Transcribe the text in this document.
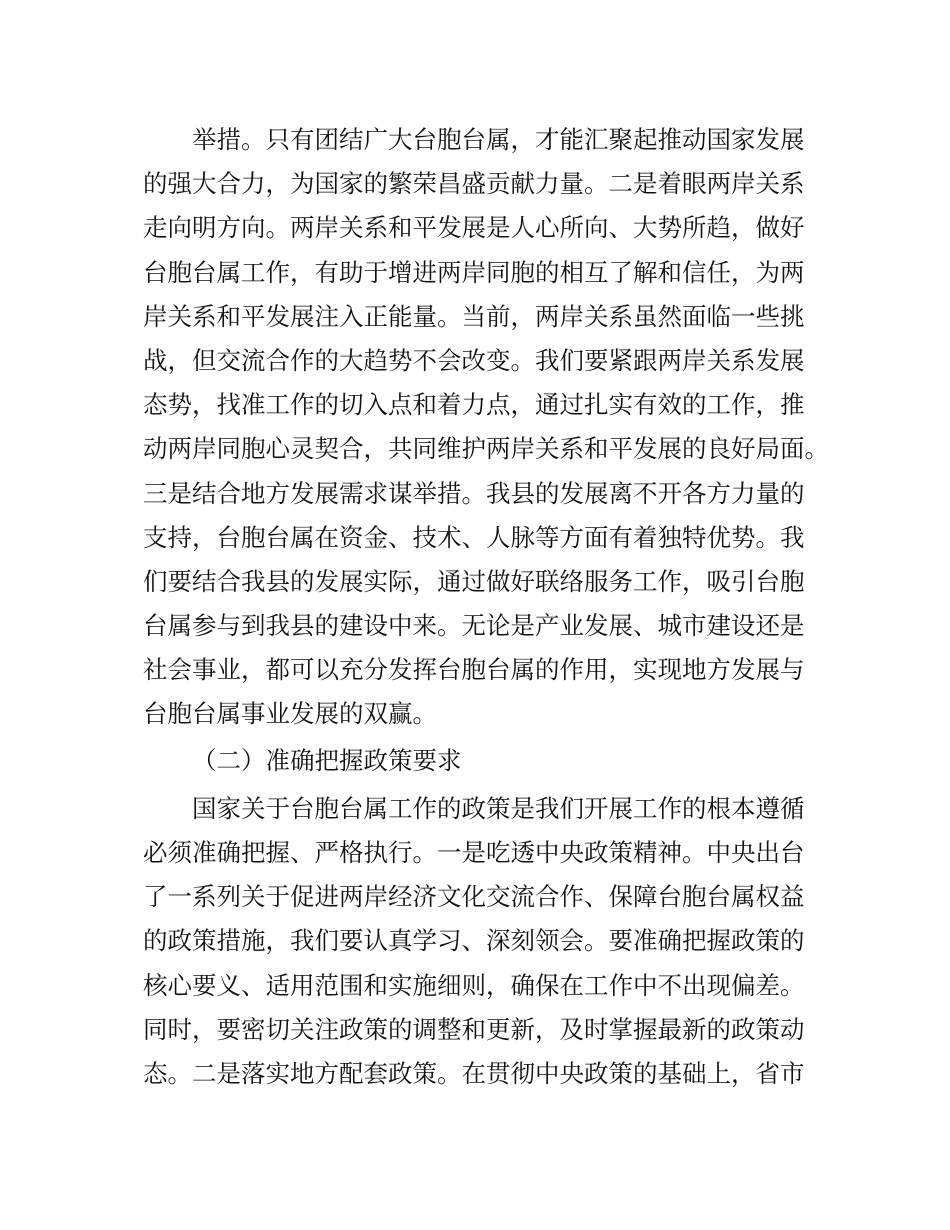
举措。只有团结广大台胞台属，才能汇聚起推动国家发展
的强大合力，为国家的繁荣昌盛贡献力量。二是着眼两岸关系
走向明方向。两岸关系和平发展是人心所向、大势所趋，做好
台胞台属工作，有助于增进两岸同胞的相互了解和信任，为两
岸关系和平发展注入正能量。当前，两岸关系虽然面临一些挑
战，但交流合作的大趋势不会改变。我们要紧跟两岸关系发展
态势，找准工作的切入点和着力点，通过扎实有效的工作，推
动两岸同胞心灵契合，共同维护两岸关系和平发展的良好局面。
三是结合地方发展需求谋举措。我县的发展离不开各方力量的
支持，台胞台属在资金、技术、人脉等方面有着独特优势。我
们要结合我县的发展实际，通过做好联络服务工作，吸引台胞
台属参与到我县的建设中来。无论是产业发展、城市建设还是
社会事业，都可以充分发挥台胞台属的作用，实现地方发展与
台胞台属事业发展的双赢。
（二）准确把握政策要求
国家关于台胞台属工作的政策是我们开展工作的根本遵循
必须准确把握、严格执行。一是吃透中央政策精神。中央出台
了一系列关于促进两岸经济文化交流合作、保障台胞台属权益
的政策措施，我们要认真学习、深刻领会。要准确把握政策的
核心要义、适用范围和实施细则，确保在工作中不出现偏差。
同时，要密切关注政策的调整和更新，及时掌握最新的政策动
态。二是落实地方配套政策。在贯彻中央政策的基础上，省市
